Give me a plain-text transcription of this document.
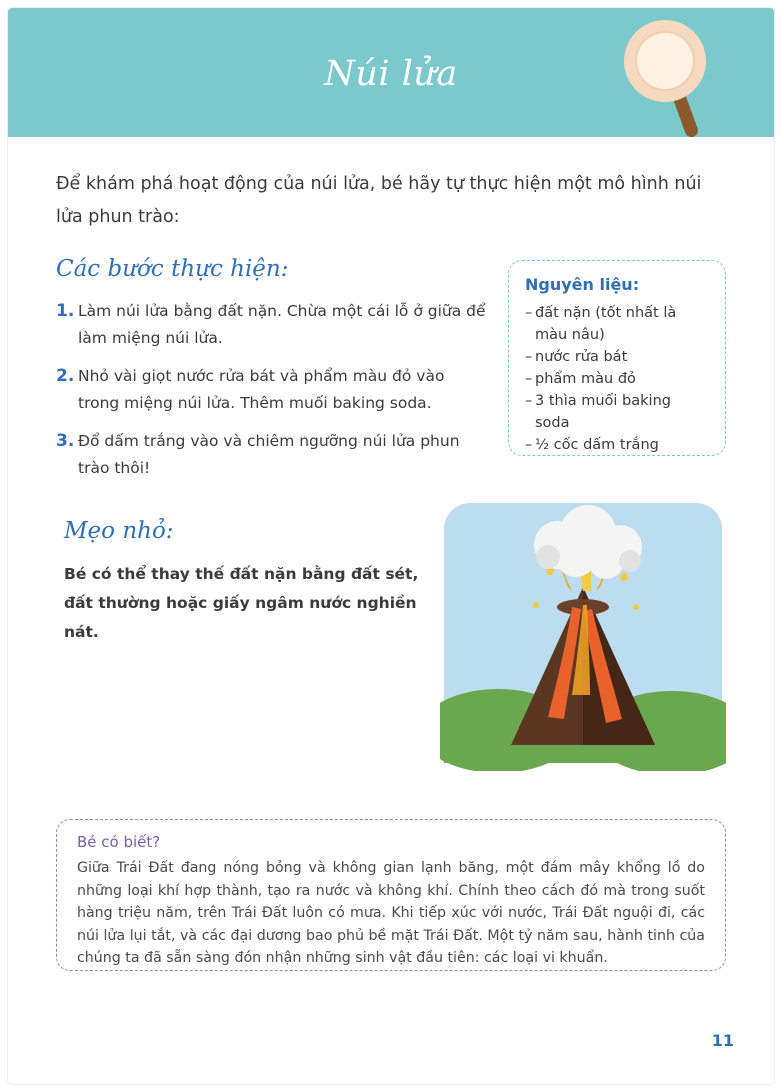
Núi lửa
Để khám phá hoạt động của núi lửa, bé hãy tự thực hiện một mô hình núi lửa phun trào:
Các bước thực hiện:
1. Làm núi lửa bằng đất nặn. Chừa một cái lỗ ở giữa để làm miệng núi lửa.
2. Nhỏ vài giọt nước rửa bát và phẩm màu đỏ vào trong miệng núi lửa. Thêm muối baking soda.
3. Đổ dấm trắng vào và chiêm ngưỡng núi lửa phun trào thôi!
Nguyên liệu:
– đất nặn (tốt nhất là màu nâu)
– nước rửa bát
– phẩm màu đỏ
– 3 thìa muối baking soda
– ½ cốc dấm trắng
Mẹo nhỏ:
Bé có thể thay thế đất nặn bằng đất sét, đất thường hoặc giấy ngâm nước nghiền nát.
Bé có biết?
Giữa Trái Đất đang nóng bỏng và không gian lạnh băng, một đám mây khổng lồ do những loại khí hợp thành, tạo ra nước và không khí. Chính theo cách đó mà trong suốt hàng triệu năm, trên Trái Đất luôn có mưa. Khi tiếp xúc với nước, Trái Đất nguội đi, các núi lửa lụi tắt, và các đại dương bao phủ bề mặt Trái Đất. Một tỷ năm sau, hành tinh của chúng ta đã sẵn sàng đón nhận những sinh vật đầu tiên: các loại vi khuẩn.
11
